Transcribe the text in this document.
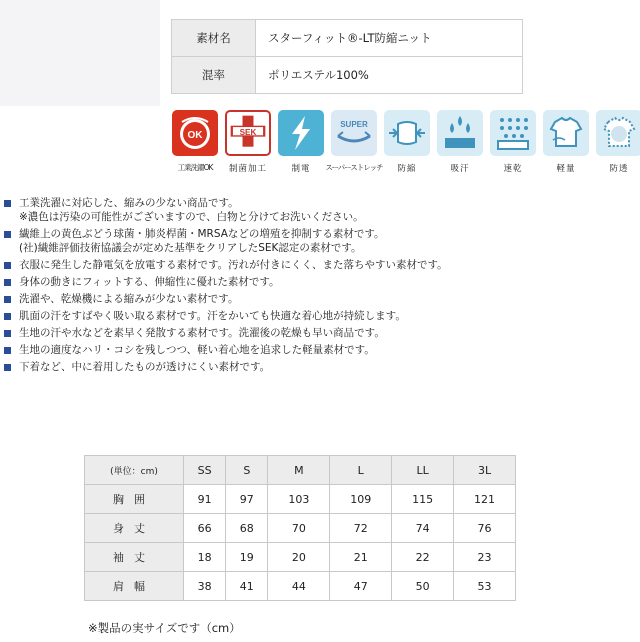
素材名	スターフィット®-LT防縮ニット
混率	ポリエステル100%
OK
工業洗濯OK
SEK
制菌加工	制電
SUPER
スーパーストレッチ 防縮	吸汗	速乾	軽量	防透
工業洗濯に対応した、縮みの少ない商品です。
※濃色は汚染の可能性がございますので、白物と分けてお洗いください。
繊維上の黄色ぶどう球菌・肺炎桿菌・MRSAなどの増殖を抑制する素材です。
(社)繊維評価技術協議会が定めた基準をクリアしたSEK認定の素材です。
衣服に発生した静電気を放電する素材です。汚れが付きにくく、また落ちやすい素材です。
身体の動きにフィットする、伸縮性に優れた素材です。
洗濯や、乾燥機による縮みが少ない素材です。
肌面の汗をすばやく吸い取る素材です。汗をかいても快適な着心地が持続します。
生地の汗や水などを素早く発散する素材です。洗濯後の乾燥も早い商品です。
生地の適度なハリ・コシを残しつつ、軽い着心地を追求した軽量素材です。
下着など、中に着用したものが透けにくい素材です。
(単位：cm)	SS	S	M	L	LL	3L
胸囲	91	97	103	109	115	121
身丈	66	68	70	72	74	76
袖丈	18	19	20	21	22	23
肩幅	38	41	44	47	50	53
※製品の実サイズです（cm）
